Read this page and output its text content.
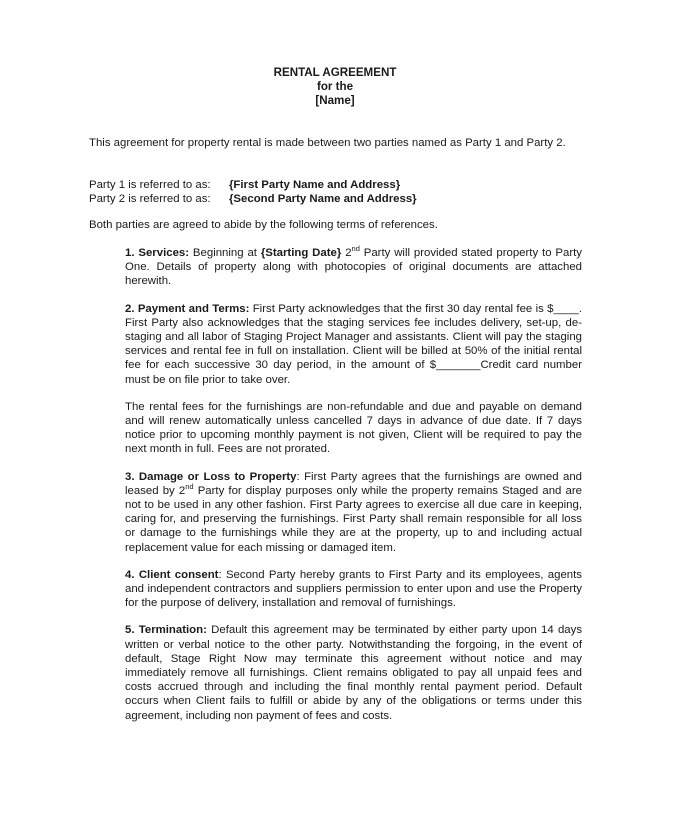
RENTAL AGREEMENT
for the
[Name]
This agreement for property rental is made between two parties named as Party 1 and Party 2.
Party 1 is referred to as:	{First Party Name and Address}
Party 2 is referred to as:	{Second Party Name and Address}
Both parties are agreed to abide by the following terms of references.

1. Services: Beginning at {Starting Date} 2nd Party will provided stated property to Party One. Details of property along with photocopies of original documents are attached herewith.

2. Payment and Terms: First Party acknowledges that the first 30 day rental fee is $____. First Party also acknowledges that the staging services fee includes delivery, set-up, de-staging and all labor of Staging Project Manager and assistants. Client will pay the staging services and rental fee in full on installation. Client will be billed at 50% of the initial rental fee for each successive 30 day period, in the amount of $_______Credit card number must be on file prior to take over.

The rental fees for the furnishings are non-refundable and due and payable on demand and will renew automatically unless cancelled 7 days in advance of due date. If 7 days notice prior to upcoming monthly payment is not given, Client will be required to pay the next month in full. Fees are not prorated.

3. Damage or Loss to Property: First Party agrees that the furnishings are owned and leased by 2nd Party for display purposes only while the property remains Staged and are not to be used in any other fashion. First Party agrees to exercise all due care in keeping, caring for, and preserving the furnishings. First Party shall remain responsible for all loss or damage to the furnishings while they are at the property, up to and including actual replacement value for each missing or damaged item.

4. Client consent: Second Party hereby grants to First Party and its employees, agents and independent contractors and suppliers permission to enter upon and use the Property for the purpose of delivery, installation and removal of furnishings.

5. Termination: Default this agreement may be terminated by either party upon 14 days written or verbal notice to the other party. Notwithstanding the forgoing, in the event of default, Stage Right Now may terminate this agreement without notice and may immediately remove all furnishings. Client remains obligated to pay all unpaid fees and costs accrued through and including the final monthly rental payment period. Default occurs when Client fails to fulfill or abide by any of the obligations or terms under this agreement, including non payment of fees and costs.
